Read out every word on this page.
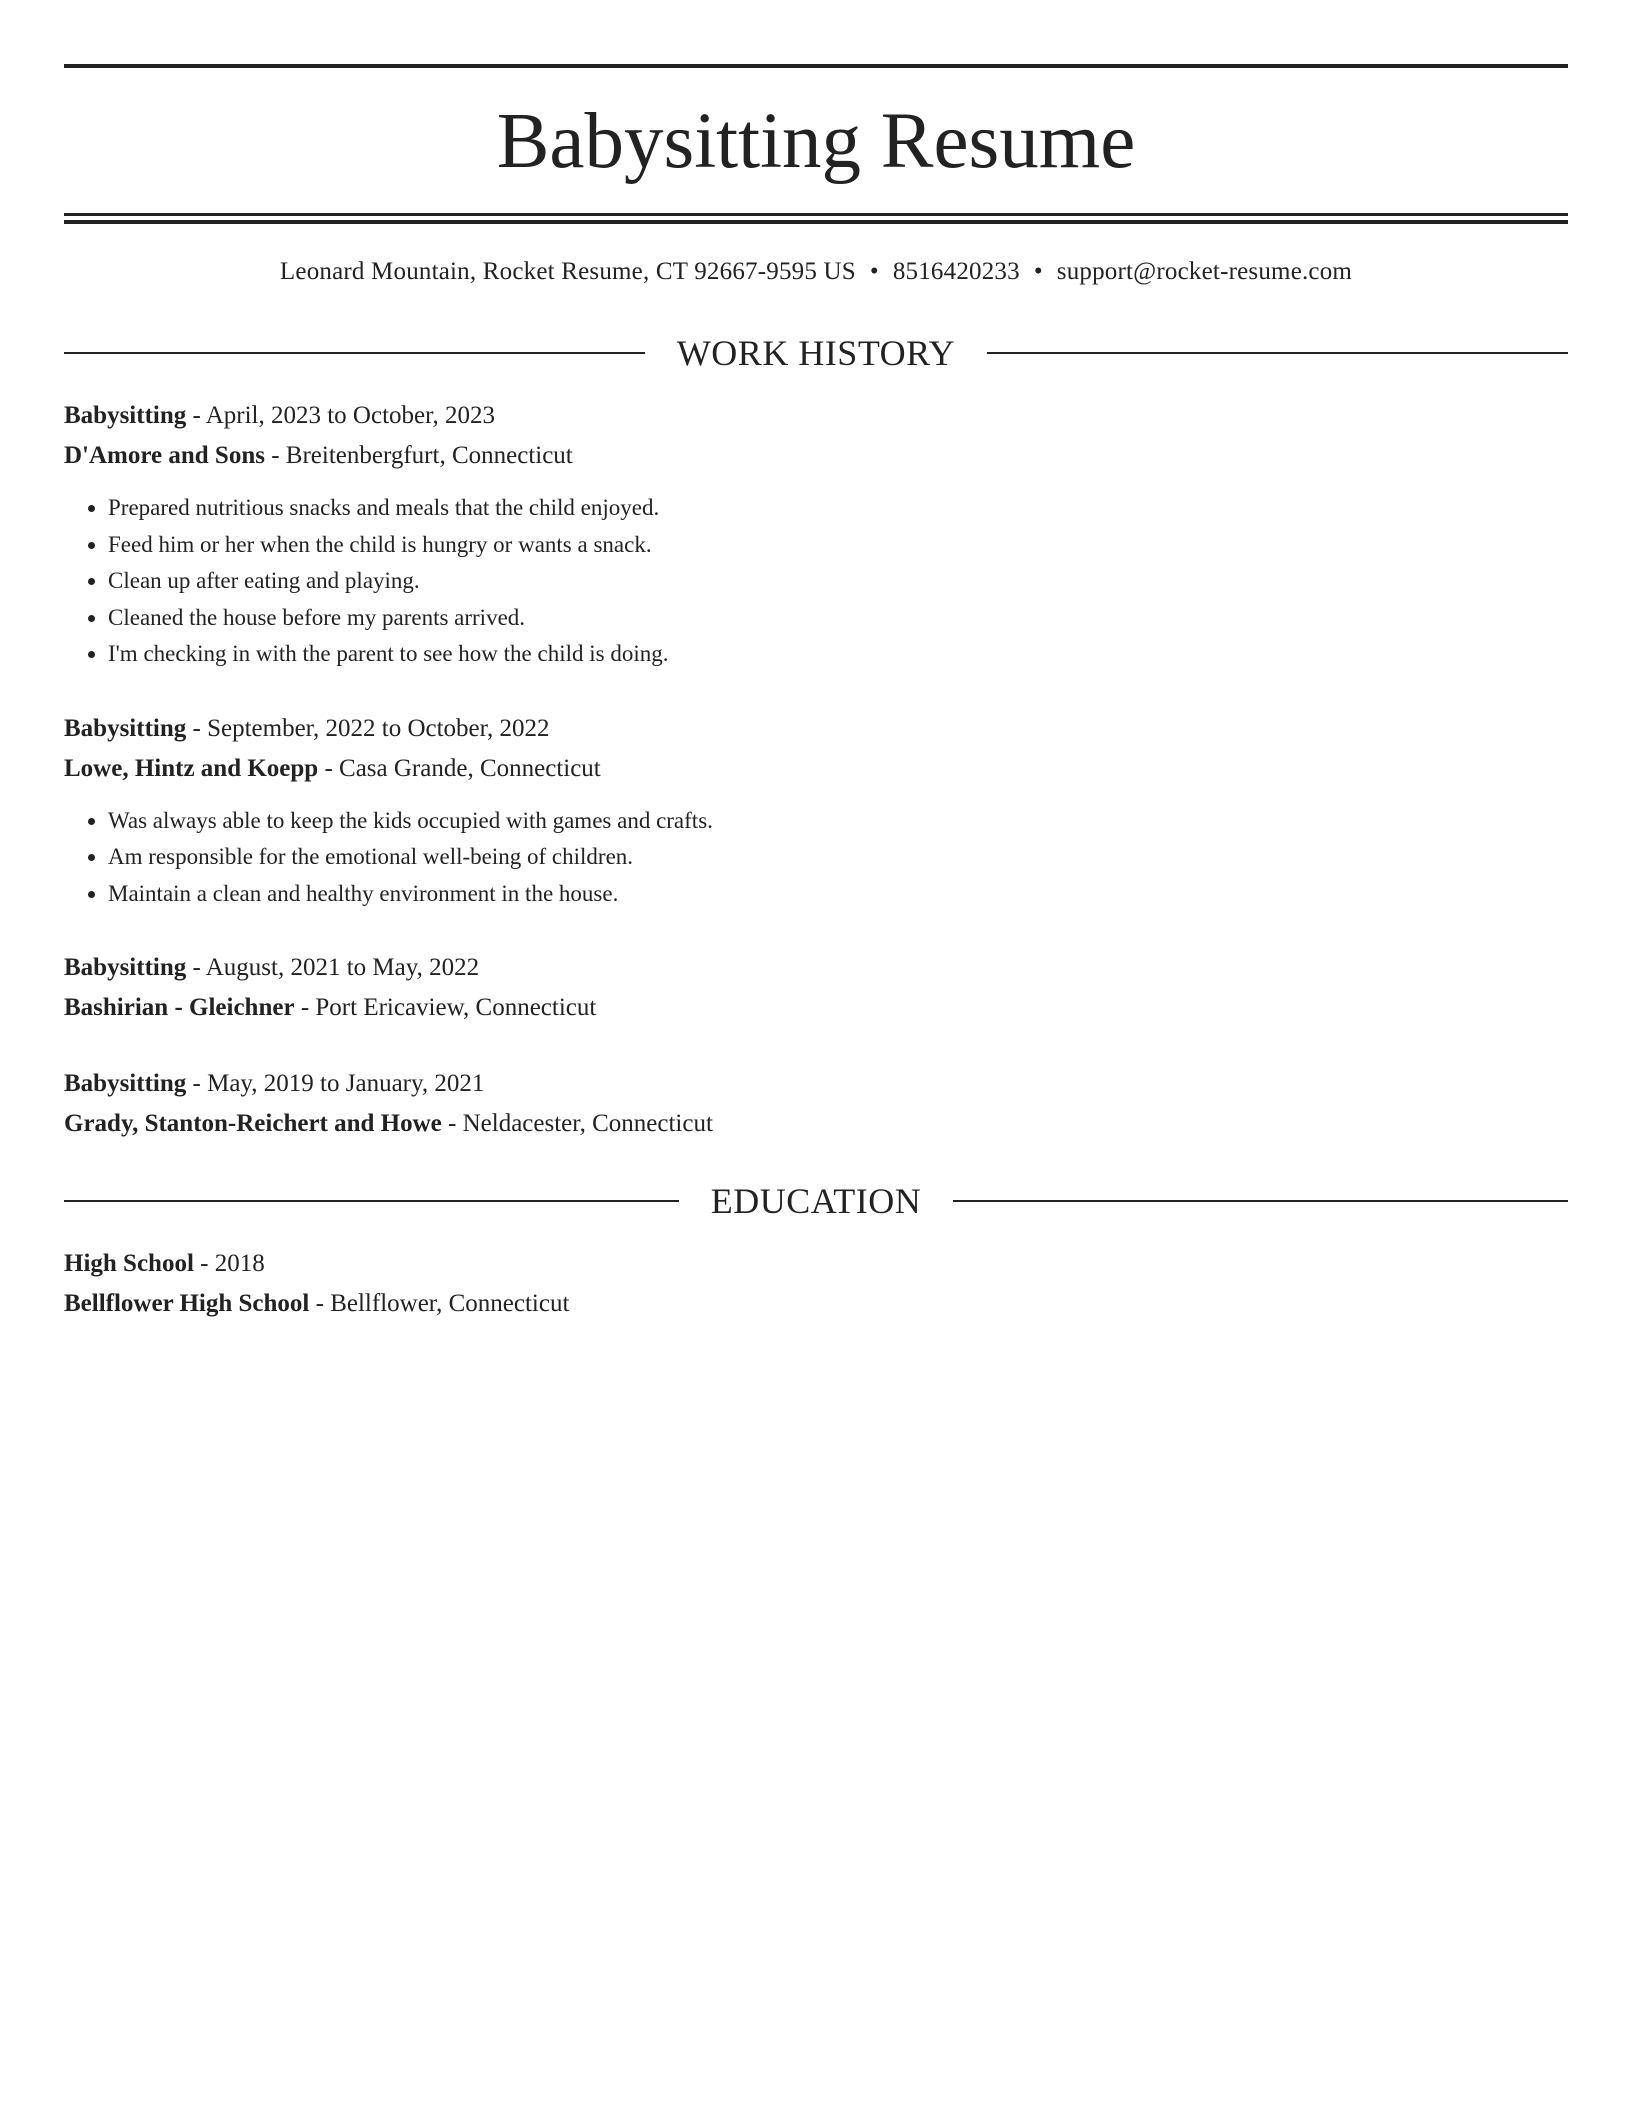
Babysitting Resume
Leonard Mountain, Rocket Resume, CT 92667-9595 US • 8516420233 • support@rocket-resume.com
WORK HISTORY
Babysitting - April, 2023 to October, 2023
D'Amore and Sons - Breitenbergfurt, Connecticut
• Prepared nutritious snacks and meals that the child enjoyed.
• Feed him or her when the child is hungry or wants a snack.
• Clean up after eating and playing.
• Cleaned the house before my parents arrived.
• I'm checking in with the parent to see how the child is doing.
Babysitting - September, 2022 to October, 2022
Lowe, Hintz and Koepp - Casa Grande, Connecticut
• Was always able to keep the kids occupied with games and crafts.
• Am responsible for the emotional well-being of children.
• Maintain a clean and healthy environment in the house.
Babysitting - August, 2021 to May, 2022
Bashirian - Gleichner - Port Ericaview, Connecticut
Babysitting - May, 2019 to January, 2021
Grady, Stanton-Reichert and Howe - Neldacester, Connecticut
EDUCATION
High School - 2018
Bellflower High School - Bellflower, Connecticut
